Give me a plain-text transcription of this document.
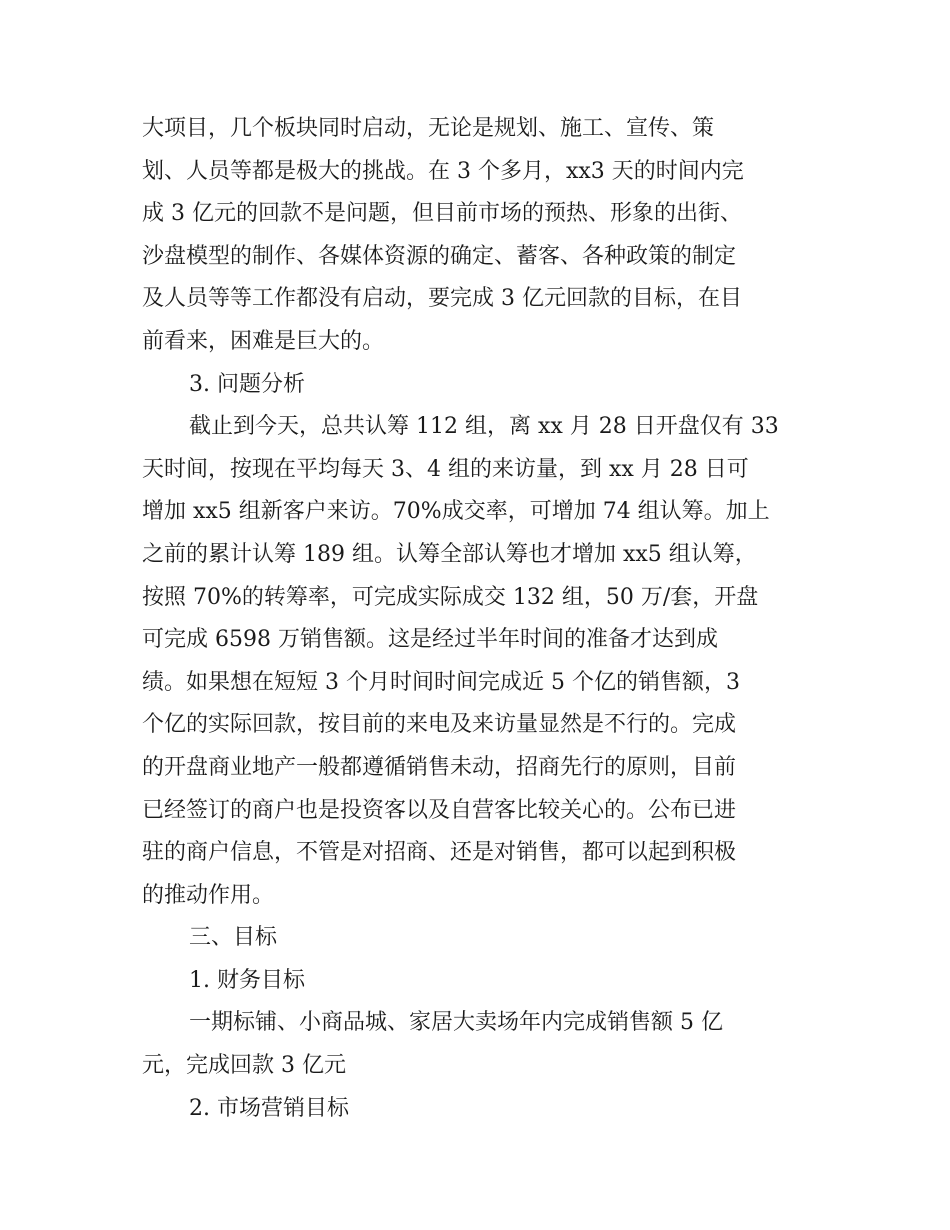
大项目，几个板块同时启动，无论是规划、施工、宣传、策
划、人员等都是极大的挑战。在 3 个多月，xx3 天的时间内完
成 3 亿元的回款不是问题，但目前市场的预热、形象的出街、
沙盘模型的制作、各媒体资源的确定、蓄客、各种政策的制定
及人员等等工作都没有启动，要完成 3 亿元回款的目标，在目
前看来，困难是巨大的。
3. 问题分析
截止到今天，总共认筹 112 组，离 xx 月 28 日开盘仅有 33
天时间，按现在平均每天 3、4 组的来访量，到 xx 月 28 日可
增加 xx5 组新客户来访。70%成交率，可增加 74 组认筹。加上
之前的累计认筹 189 组。认筹全部认筹也才增加 xx5 组认筹，
按照 70%的转筹率，可完成实际成交 132 组，50 万/套，开盘
可完成 6598 万销售额。这是经过半年时间的准备才达到成
绩。如果想在短短 3 个月时间时间完成近 5 个亿的销售额，3
个亿的实际回款，按目前的来电及来访量显然是不行的。完成
的开盘商业地产一般都遵循销售未动，招商先行的原则，目前
已经签订的商户也是投资客以及自营客比较关心的。公布已进
驻的商户信息，不管是对招商、还是对销售，都可以起到积极
的推动作用。
三、目标
1. 财务目标
一期标铺、小商品城、家居大卖场年内完成销售额 5 亿
元，完成回款 3 亿元
2. 市场营销目标
